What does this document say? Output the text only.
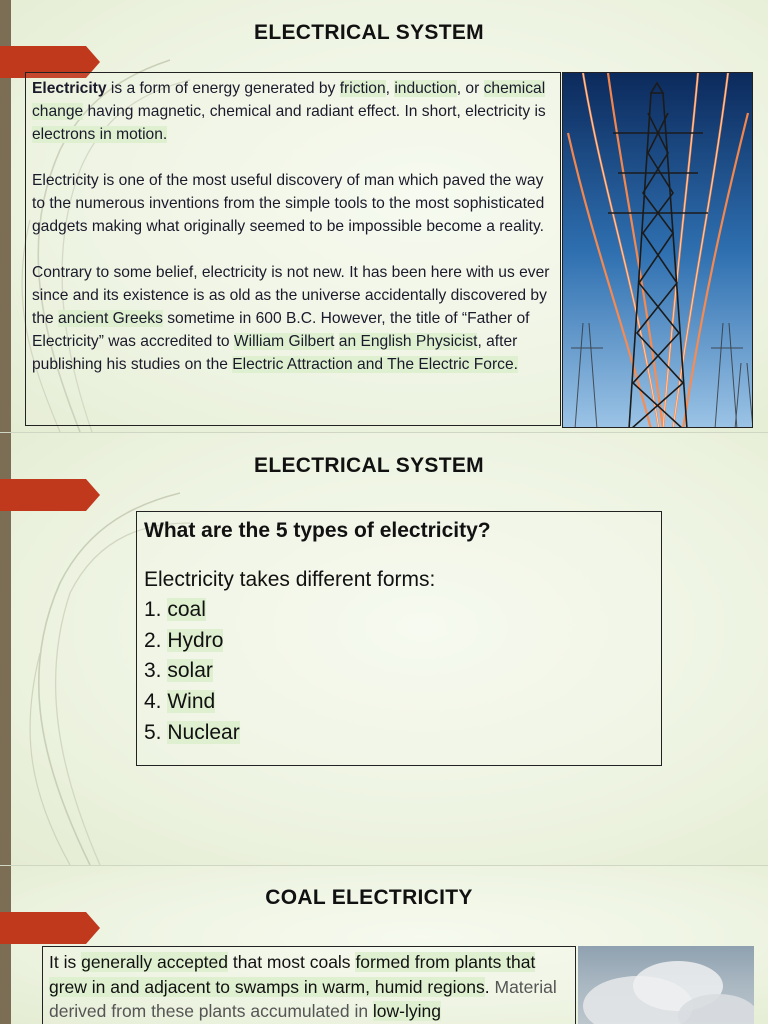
ELECTRICAL SYSTEM

Electricity is a form of energy generated by friction, induction, or chemical change having magnetic, chemical and radiant effect. In short, electricity is electrons in motion.

Electricity is one of the most useful discovery of man which paved the way to the numerous inventions from the simple tools to the most sophisticated gadgets making what originally seemed to be impossible become a reality.

Contrary to some belief, electricity is not new. It has been here with us ever since and its existence is as old as the universe accidentally discovered by the ancient Greeks sometime in 600 B.C. However, the title of “Father of Electricity” was accredited to William Gilbert an English Physicist, after publishing his studies on the Electric Attraction and The Electric Force.

ELECTRICAL SYSTEM
What are the 5 types of electricity?
Electricity takes different forms:
1. coal
2. Hydro
3. solar
4. Wind
5. Nuclear
COAL ELECTRICITY
It is generally accepted that most coals formed from plants that grew in and adjacent to swamps in warm, humid regions. Material derived from these plants accumulated in low-lying
